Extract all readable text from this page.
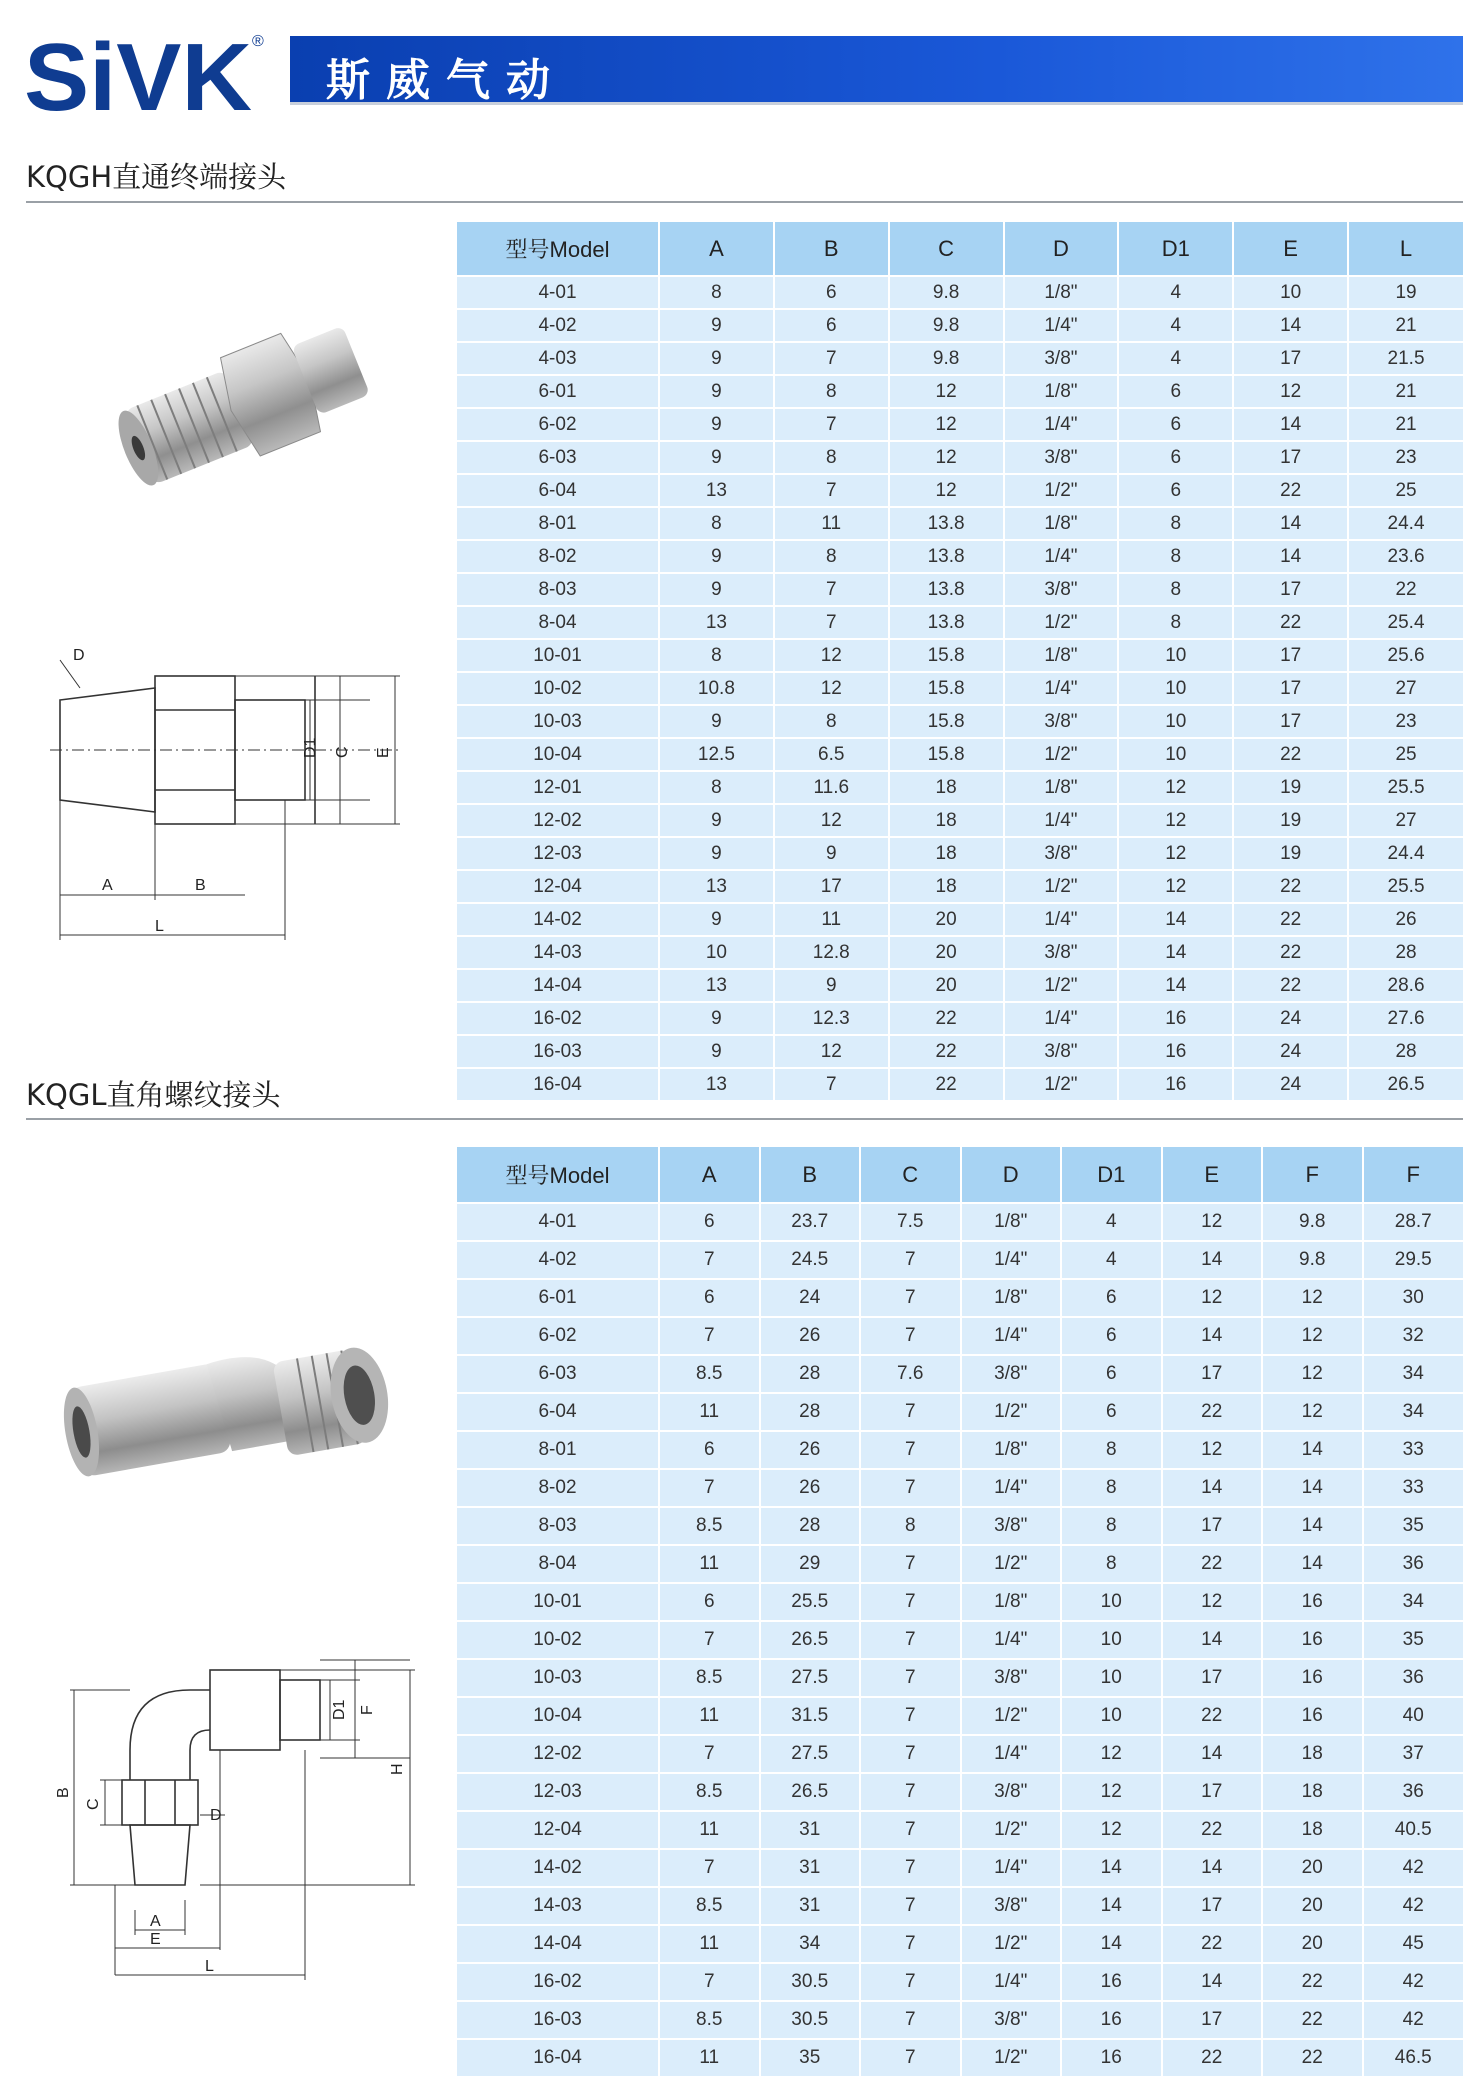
SiVK ®
斯威气动
KQGH直通终端接头
D
D1 C E
A	B
L
型号Model	A	B	C	D	D1	E	L
4-01	8	6	9.8	1/8"	4	10	19
4-02	9	6	9.8	1/4"	4	14	21
4-03	9	7	9.8	3/8"	4	17	21.5
6-01	9	8	12	1/8"	6	12	21
6-02	9	7	12	1/4"	6	14	21
6-03	9	8	12	3/8"	6	17	23
6-04	13	7	12	1/2"	6	22	25
8-01	8	11	13.8	1/8"	8	14	24.4
8-02	9	8	13.8	1/4"	8	14	23.6
8-03	9	7	13.8	3/8"	8	17	22
8-04	13	7	13.8	1/2"	8	22	25.4
10-01	8	12	15.8	1/8"	10	17	25.6
10-02	10.8	12	15.8	1/4"	10	17	27
10-03	9	8	15.8	3/8"	10	17	23
10-04	12.5	6.5	15.8	1/2"	10	22	25
12-01	8	11.6	18	1/8"	12	19	25.5
12-02	9	12	18	1/4"	12	19	27
12-03	9	9	18	3/8"	12	19	24.4
12-04	13	17	18	1/2"	12	22	25.5
14-02	9	11	20	1/4"	14	22	26
14-03	10	12.8	20	3/8"	14	22	28
14-04	13	9	20	1/2"	14	22	28.6
16-02	9	12.3	22	1/4"	16	24	27.6
16-03	9	12	22	3/8"	16	24	28
16-04	13	7	22	1/2"	16	24	26.5
KQGL直角螺纹接头
D1 F
H
B
C
D
A
E
L
型号Model	A	B	C	D	D1	E	F	F
4-01	6	23.7	7.5	1/8"	4	12	9.8	28.7
4-02	7	24.5	7	1/4"	4	14	9.8	29.5
6-01	6	24	7	1/8"	6	12	12	30
6-02	7	26	7	1/4"	6	14	12	32
6-03	8.5	28	7.6	3/8"	6	17	12	34
6-04	11	28	7	1/2"	6	22	12	34
8-01	6	26	7	1/8"	8	12	14	33
8-02	7	26	7	1/4"	8	14	14	33
8-03	8.5	28	8	3/8"	8	17	14	35
8-04	11	29	7	1/2"	8	22	14	36
10-01	6	25.5	7	1/8"	10	12	16	34
10-02	7	26.5	7	1/4"	10	14	16	35
10-03	8.5	27.5	7	3/8"	10	17	16	36
10-04	11	31.5	7	1/2"	10	22	16	40
12-02	7	27.5	7	1/4"	12	14	18	37
12-03	8.5	26.5	7	3/8"	12	17	18	36
12-04	11	31	7	1/2"	12	22	18	40.5
14-02	7	31	7	1/4"	14	14	20	42
14-03	8.5	31	7	3/8"	14	17	20	42
14-04	11	34	7	1/2"	14	22	20	45
16-02	7	30.5	7	1/4"	16	14	22	42
16-03	8.5	30.5	7	3/8"	16	17	22	42
16-04	11	35	7	1/2"	16	22	22	46.5
